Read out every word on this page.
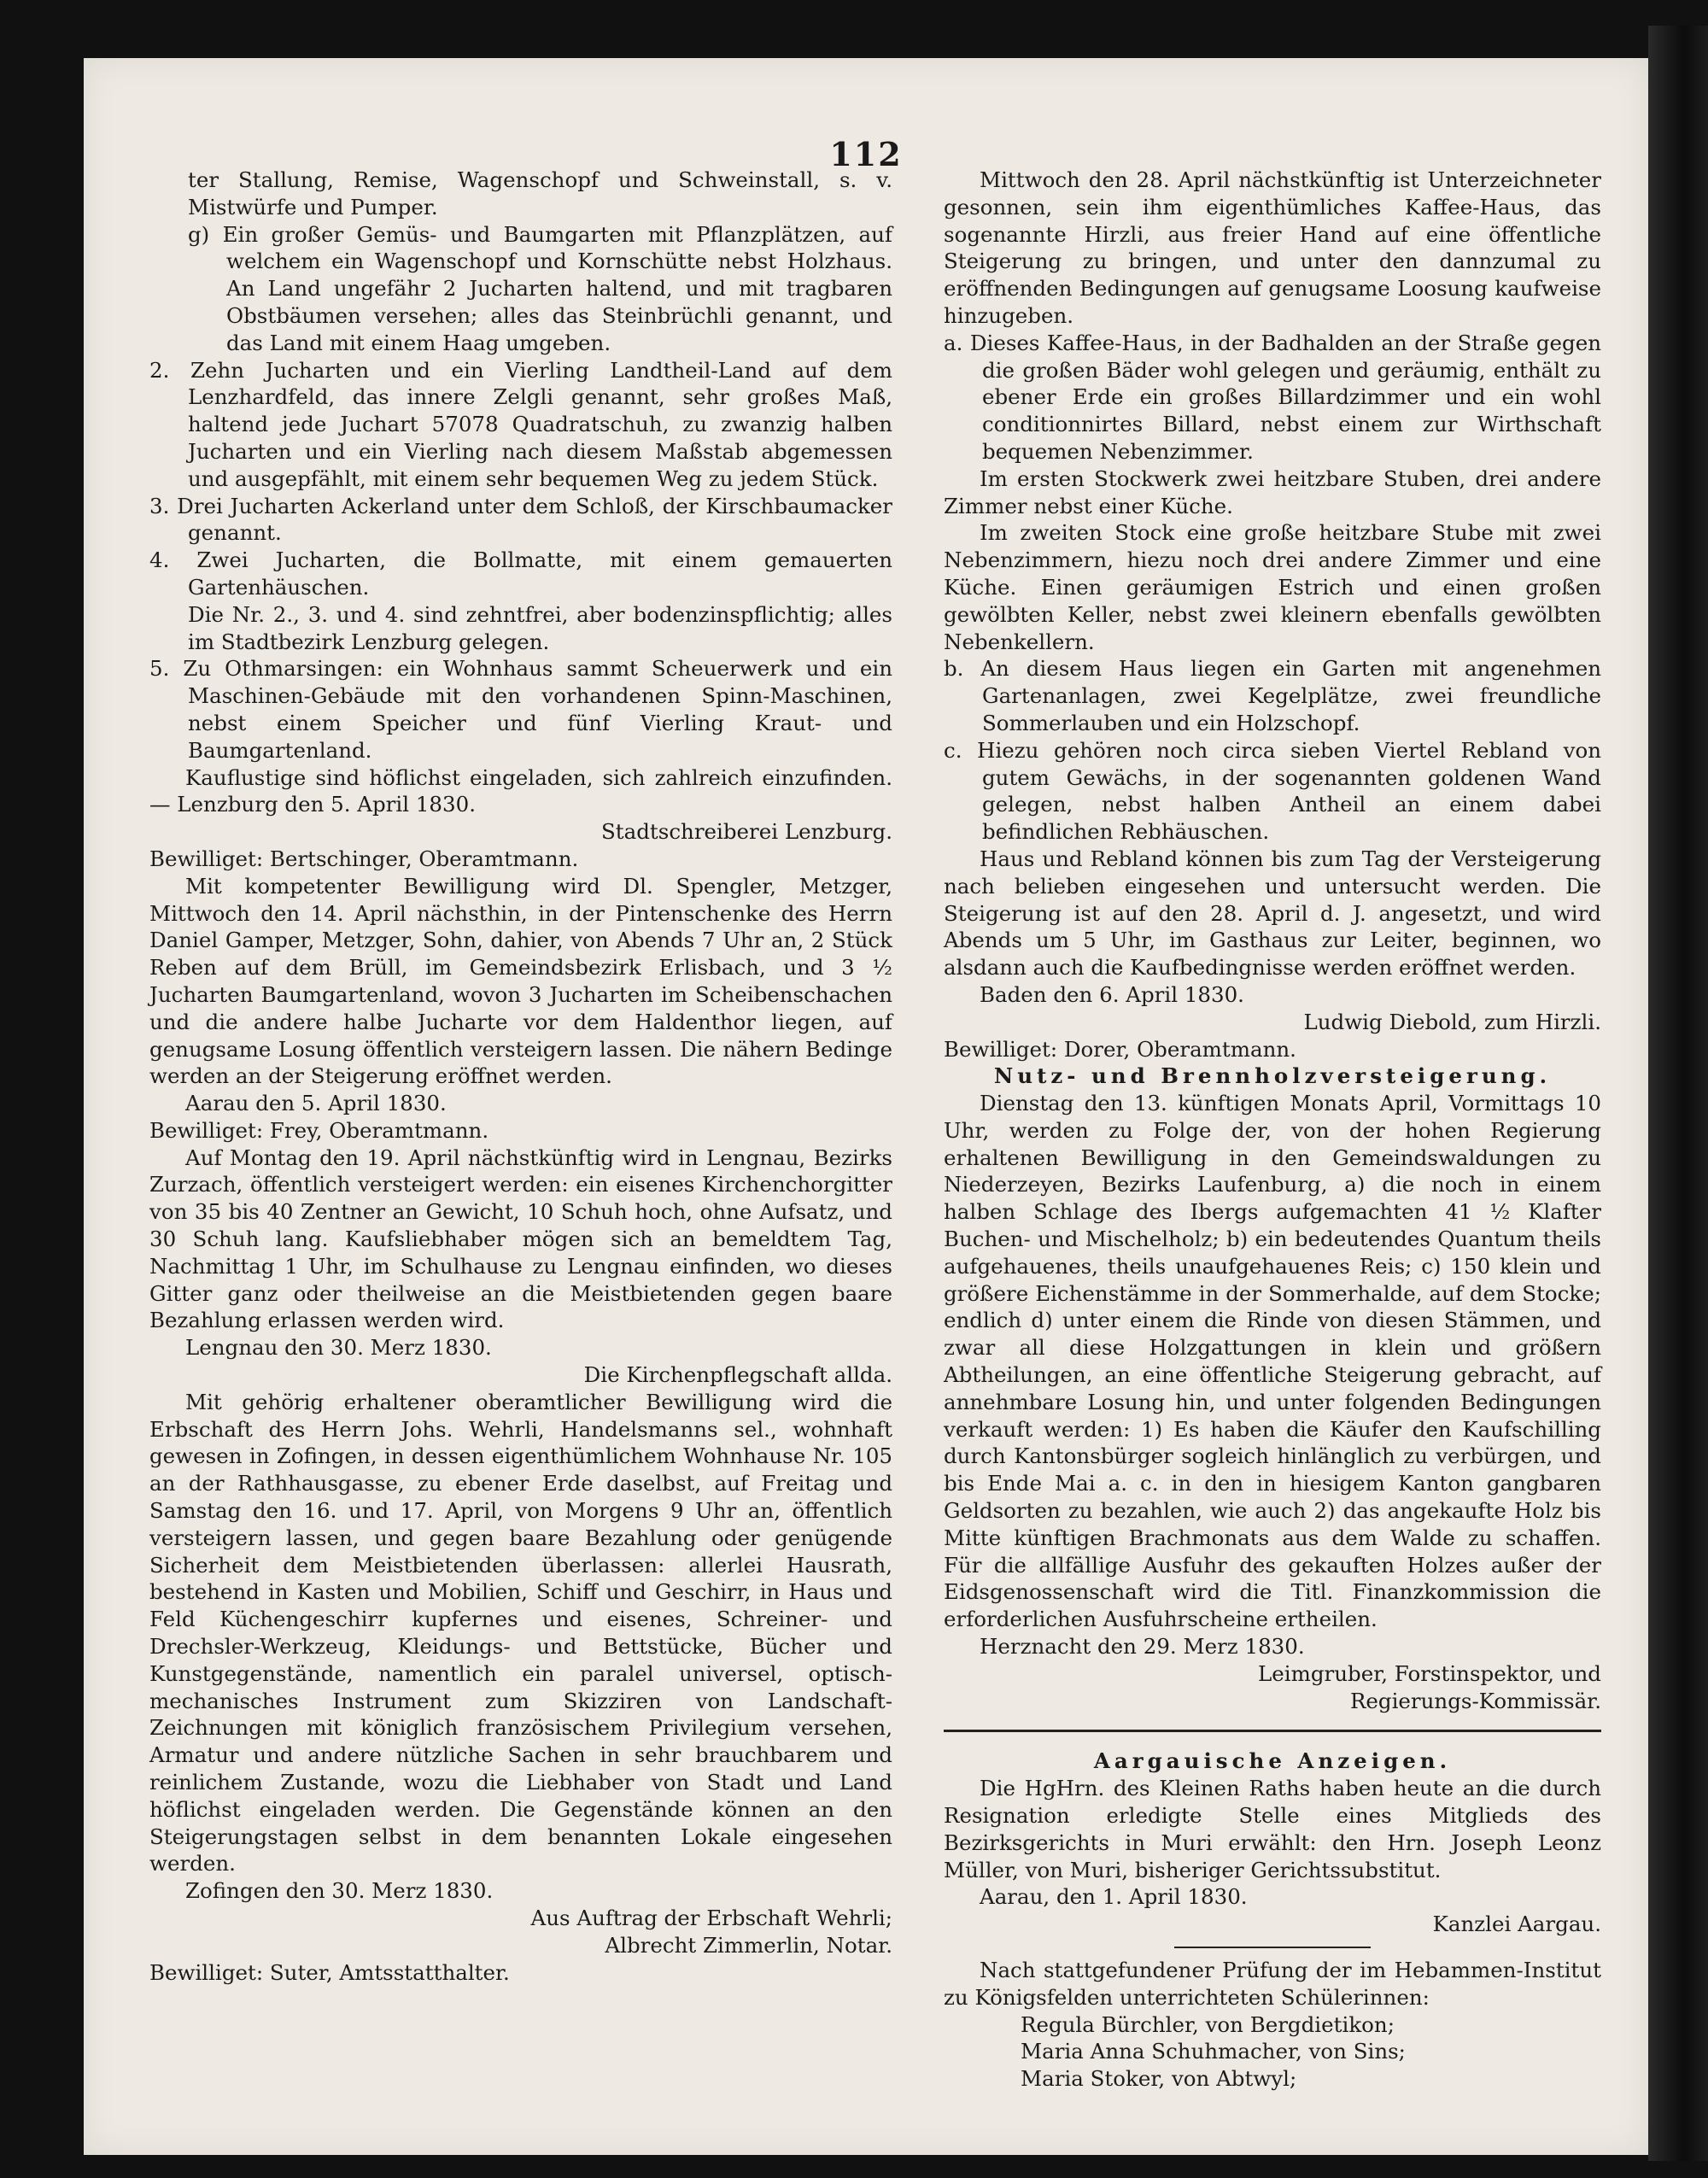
112

ter Stallung, Remise, Wagenschopf und Schweinstall, s. v. Mistwürfe und Pumper.

g) Ein großer Gemüs- und Baumgarten mit Pflanzplätzen, auf welchem ein Wagenschopf und Kornschütte nebst Holzhaus. An Land ungefähr 2 Jucharten haltend, und mit tragbaren Obstbäumen versehen; alles das Steinbrüchli genannt, und das Land mit einem Haag umgeben.

2. Zehn Jucharten und ein Vierling Landtheil-Land auf dem Lenzhardfeld, das innere Zelgli genannt, sehr großes Maß, haltend jede Juchart 57078 Quadratschuh, zu zwanzig halben Jucharten und ein Vierling nach diesem Maßstab abgemessen und ausgepfählt, mit einem sehr bequemen Weg zu jedem Stück.

3. Drei Jucharten Ackerland unter dem Schloß, der Kirschbaumacker genannt.

4. Zwei Jucharten, die Bollmatte, mit einem gemauerten Gartenhäuschen.

Die Nr. 2., 3. und 4. sind zehntfrei, aber bodenzinspflichtig; alles im Stadtbezirk Lenzburg gelegen.

5. Zu Othmarsingen: ein Wohnhaus sammt Scheuerwerk und ein Maschinen-Gebäude mit den vorhandenen Spinn-Maschinen, nebst einem Speicher und fünf Vierling Kraut- und Baumgartenland.

Kauflustige sind höflichst eingeladen, sich zahlreich einzufinden. — Lenzburg den 5. April 1830.

Stadtschreiberei Lenzburg.

Bewilliget: Bertschinger, Oberamtmann.

Mit kompetenter Bewilligung wird Dl. Spengler, Metzger, Mittwoch den 14. April nächsthin, in der Pintenschenke des Herrn Daniel Gamper, Metzger, Sohn, dahier, von Abends 7 Uhr an, 2 Stück Reben auf dem Brüll, im Gemeindsbezirk Erlisbach, und 3 ½ Jucharten Baumgartenland, wovon 3 Jucharten im Scheibenschachen und die andere halbe Jucharte vor dem Haldenthor liegen, auf genugsame Losung öffentlich versteigern lassen. Die nähern Bedinge werden an der Steigerung eröffnet werden.

Aarau den 5. April 1830.

Bewilliget: Frey, Oberamtmann.

Auf Montag den 19. April nächstkünftig wird in Lengnau, Bezirks Zurzach, öffentlich versteigert werden: ein eisenes Kirchenchorgitter von 35 bis 40 Zentner an Gewicht, 10 Schuh hoch, ohne Aufsatz, und 30 Schuh lang. Kaufsliebhaber mögen sich an bemeldtem Tag, Nachmittag 1 Uhr, im Schulhause zu Lengnau einfinden, wo dieses Gitter ganz oder theilweise an die Meistbietenden gegen baare Bezahlung erlassen werden wird.

Lengnau den 30. Merz 1830.

Die Kirchenpflegschaft allda.

Mit gehörig erhaltener oberamtlicher Bewilligung wird die Erbschaft des Herrn Johs. Wehrli, Handelsmanns sel., wohnhaft gewesen in Zofingen, in dessen eigenthümlichem Wohnhause Nr. 105 an der Rathhausgasse, zu ebener Erde daselbst, auf Freitag und Samstag den 16. und 17. April, von Morgens 9 Uhr an, öffentlich versteigern lassen, und gegen baare Bezahlung oder genügende Sicherheit dem Meistbietenden überlassen: allerlei Hausrath, bestehend in Kasten und Mobilien, Schiff und Geschirr, in Haus und Feld Küchengeschirr kupfernes und eisenes, Schreiner- und Drechsler-Werkzeug, Kleidungs- und Bettstücke, Bücher und Kunstgegenstände, namentlich ein paralel universel, optisch-mechanisches Instrument zum Skizziren von Landschaft-Zeichnungen mit königlich französischem Privilegium versehen, Armatur und andere nützliche Sachen in sehr brauchbarem und reinlichem Zustande, wozu die Liebhaber von Stadt und Land höflichst eingeladen werden. Die Gegenstände können an den Steigerungstagen selbst in dem benannten Lokale eingesehen werden.

Zofingen den 30. Merz 1830.

Aus Auftrag der Erbschaft Wehrli;

Albrecht Zimmerlin, Notar.

Bewilliget: Suter, Amtsstatthalter.

Mittwoch den 28. April nächstkünftig ist Unterzeichneter gesonnen, sein ihm eigenthümliches Kaffee-Haus, das sogenannte Hirzli, aus freier Hand auf eine öffentliche Steigerung zu bringen, und unter den dannzumal zu eröffnenden Bedingungen auf genugsame Loosung kaufweise hinzugeben.

a. Dieses Kaffee-Haus, in der Badhalden an der Straße gegen die großen Bäder wohl gelegen und geräumig, enthält zu ebener Erde ein großes Billardzimmer und ein wohl conditionnirtes Billard, nebst einem zur Wirthschaft bequemen Nebenzimmer.

Im ersten Stockwerk zwei heitzbare Stuben, drei andere Zimmer nebst einer Küche.

Im zweiten Stock eine große heitzbare Stube mit zwei Nebenzimmern, hiezu noch drei andere Zimmer und eine Küche. Einen geräumigen Estrich und einen großen gewölbten Keller, nebst zwei kleinern ebenfalls gewölbten Nebenkellern.

b. An diesem Haus liegen ein Garten mit angenehmen Gartenanlagen, zwei Kegelplätze, zwei freundliche Sommerlauben und ein Holzschopf.

c. Hiezu gehören noch circa sieben Viertel Rebland von gutem Gewächs, in der sogenannten goldenen Wand gelegen, nebst halben Antheil an einem dabei befindlichen Rebhäuschen.

Haus und Rebland können bis zum Tag der Versteigerung nach belieben eingesehen und untersucht werden. Die Steigerung ist auf den 28. April d. J. angesetzt, und wird Abends um 5 Uhr, im Gasthaus zur Leiter, beginnen, wo alsdann auch die Kaufbedingnisse werden eröffnet werden.

Baden den 6. April 1830.

Ludwig Diebold, zum Hirzli.

Bewilliget: Dorer, Oberamtmann.

Nutz- und Brennholzversteigerung.

Dienstag den 13. künftigen Monats April, Vormittags 10 Uhr, werden zu Folge der, von der hohen Regierung erhaltenen Bewilligung in den Gemeindswaldungen zu Niederzeyen, Bezirks Laufenburg, a) die noch in einem halben Schlage des Ibergs aufgemachten 41 ½ Klafter Buchen- und Mischelholz; b) ein bedeutendes Quantum theils aufgehauenes, theils unaufgehauenes Reis; c) 150 klein und größere Eichenstämme in der Sommerhalde, auf dem Stocke; endlich d) unter einem die Rinde von diesen Stämmen, und zwar all diese Holzgattungen in klein und größern Abtheilungen, an eine öffentliche Steigerung gebracht, auf annehmbare Losung hin, und unter folgenden Bedingungen verkauft werden: 1) Es haben die Käufer den Kaufschilling durch Kantonsbürger sogleich hinlänglich zu verbürgen, und bis Ende Mai a. c. in den in hiesigem Kanton gangbaren Geldsorten zu bezahlen, wie auch 2) das angekaufte Holz bis Mitte künftigen Brachmonats aus dem Walde zu schaffen. Für die allfällige Ausfuhr des gekauften Holzes außer der Eidsgenossenschaft wird die Titl. Finanzkommission die erforderlichen Ausfuhrscheine ertheilen.

Herznacht den 29. Merz 1830.

Leimgruber, Forstinspektor, und

Regierungs-Kommissär.

Aargauische Anzeigen.

Die HgHrn. des Kleinen Raths haben heute an die durch Resignation erledigte Stelle eines Mitglieds des Bezirksgerichts in Muri erwählt: den Hrn. Joseph Leonz Müller, von Muri, bisheriger Gerichtssubstitut.

Aarau, den 1. April 1830.

Kanzlei Aargau.

Nach stattgefundener Prüfung der im Hebammen-Institut zu Königsfelden unterrichteten Schülerinnen:

Regula Bürchler, von Bergdietikon;

Maria Anna Schuhmacher, von Sins;

Maria Stoker, von Abtwyl;
